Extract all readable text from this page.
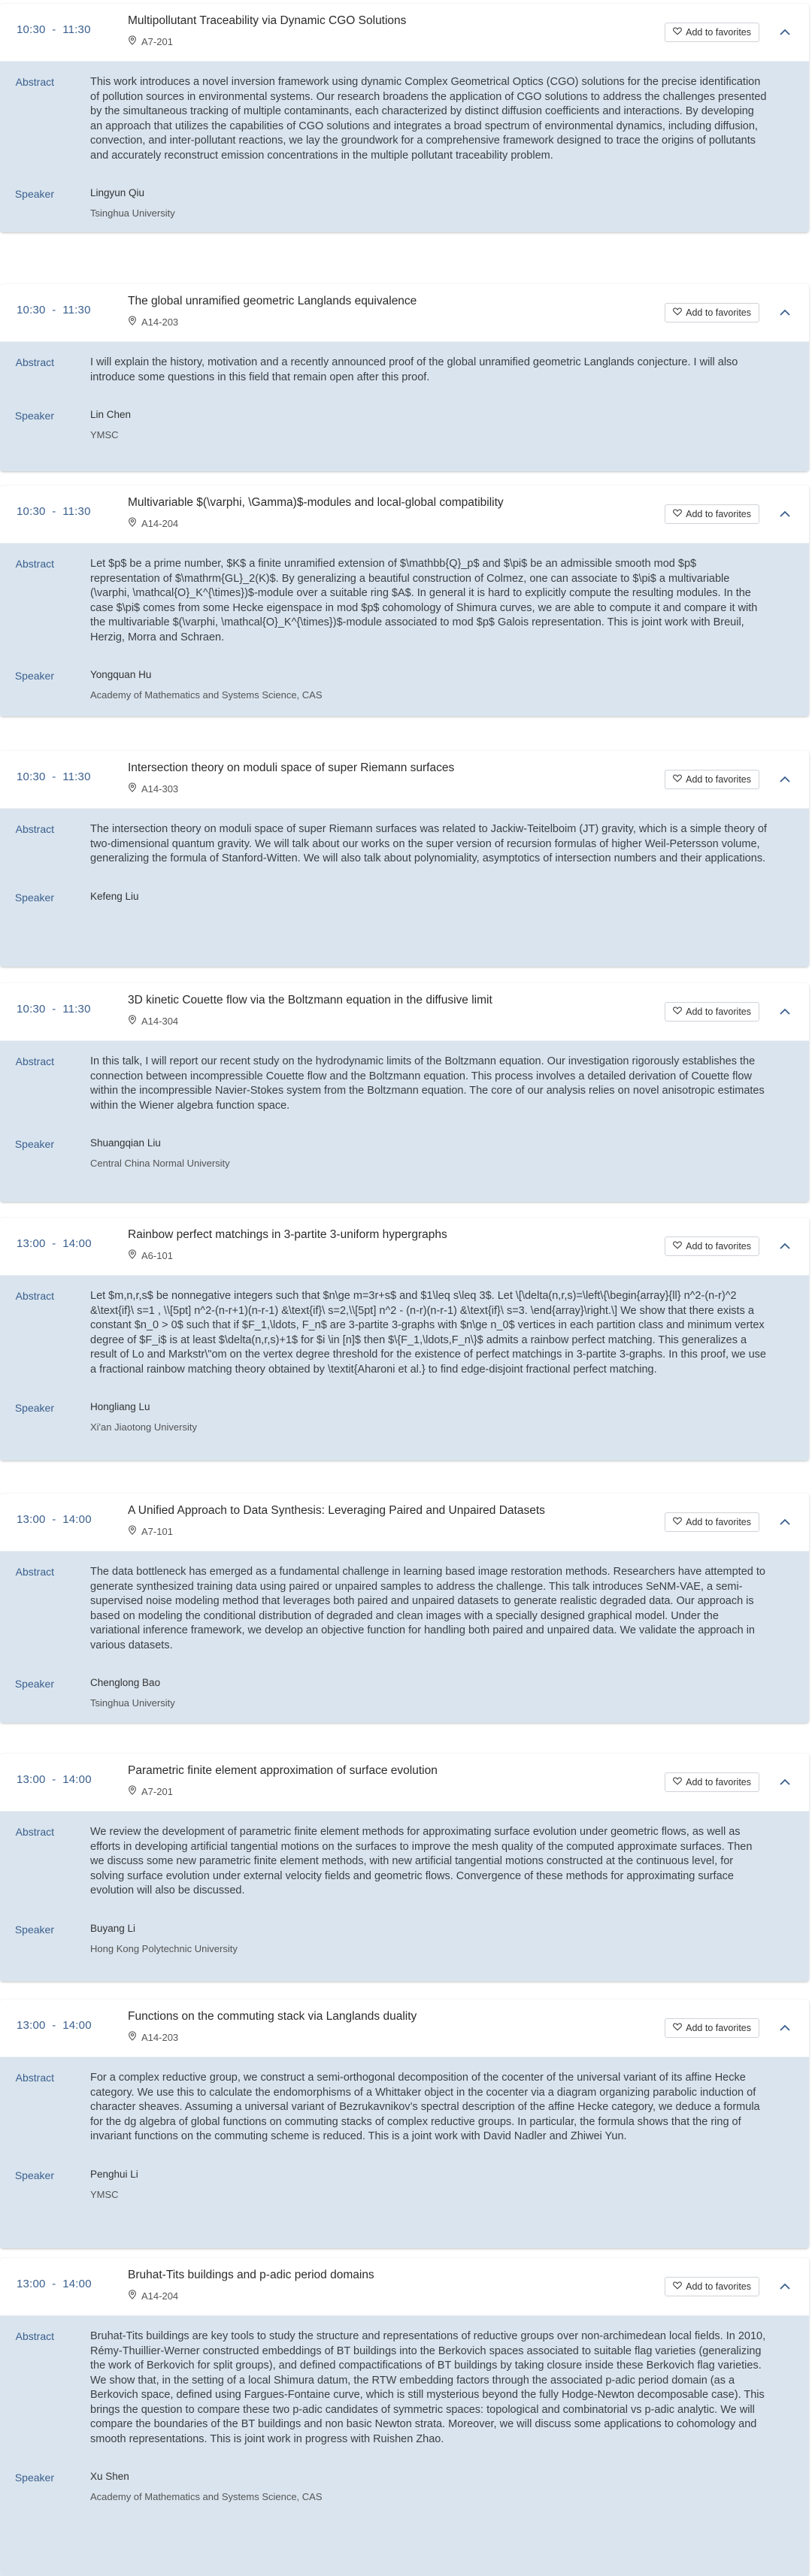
10:30  -  11:30
Multipollutant Traceability via Dynamic CGO Solutions
A7-201
Add to favorites
Abstract	This work introduces a novel inversion framework using dynamic Complex Geometrical Optics (CGO) solutions for the precise identification of pollution sources in environmental systems. Our research broadens the application of CGO solutions to address the challenges presented by the simultaneous tracking of multiple contaminants, each characterized by distinct diffusion coefficients and interactions. By developing an approach that utilizes the capabilities of CGO solutions and integrates a broad spectrum of environmental dynamics, including diffusion, convection, and inter-pollutant reactions, we lay the groundwork for a comprehensive framework designed to trace the origins of pollutants and accurately reconstruct emission concentrations in the multiple pollutant traceability problem.
Speaker	Lingyun Qiu
Tsinghua University
10:30  -  11:30
The global unramified geometric Langlands equivalence
A14-203
Add to favorites
Abstract	I will explain the history, motivation and a recently announced proof of the global unramified geometric Langlands conjecture. I will also introduce some questions in this field that remain open after this proof.
Speaker	Lin Chen
YMSC
10:30  -  11:30
Multivariable $(\varphi, \Gamma)$-modules and local-global compatibility
A14-204
Add to favorites
Abstract	Let $p$ be a prime number, $K$ a finite unramified extension of $\mathbb{Q}_p$ and $\pi$ be an admissible smooth mod $p$ representation of $\mathrm{GL}_2(K)$. By generalizing a beautiful construction of Colmez, one can associate to $\pi$ a multivariable (\varphi, \mathcal{O}_K^{\times})$-module over a suitable ring $A$. In general it is hard to explicitly compute the resulting modules. In the case $\pi$ comes from some Hecke eigenspace in mod $p$ cohomology of Shimura curves, we are able to compute it and compare it with the multivariable $(\varphi, \mathcal{O}_K^{\times})$-module associated to mod $p$ Galois representation. This is joint work with Breuil, Herzig, Morra and Schraen.
Speaker	Yongquan Hu
Academy of Mathematics and Systems Science, CAS
10:30  -  11:30
Intersection theory on moduli space of super Riemann surfaces
A14-303
Add to favorites
Abstract	The intersection theory on moduli space of super Riemann surfaces was related to Jackiw-Teitelboim (JT) gravity, which is a simple theory of two-dimensional quantum gravity. We will talk about our works on the super version of recursion formulas of higher Weil-Petersson volume, generalizing the formula of Stanford-Witten. We will also talk about polynomiality, asymptotics of intersection numbers and their applications.
Speaker	Kefeng Liu
10:30  -  11:30
3D kinetic Couette flow via the Boltzmann equation in the diffusive limit
A14-304
Add to favorites
Abstract	In this talk, I will report our recent study on the hydrodynamic limits of the Boltzmann equation. Our investigation rigorously establishes the connection between incompressible Couette flow and the Boltzmann equation. This process involves a detailed derivation of Couette flow within the incompressible Navier-Stokes system from the Boltzmann equation. The core of our analysis relies on novel anisotropic estimates within the Wiener algebra function space.
Speaker	Shuangqian Liu
Central China Normal University
13:00  -  14:00
Rainbow perfect matchings in 3-partite 3-uniform hypergraphs
A6-101
Add to favorites
Abstract	Let $m,n,r,s$ be nonnegative integers such that $n\ge m=3r+s$ and $1\leq s\leq 3$. Let \[\delta(n,r,s)=\left\{\begin{array}{ll} n^2-(n-r)^2 &\text{if}\ s=1 , \\[5pt] n^2-(n-r+1)(n-r-1) &\text{if}\ s=2,\\[5pt] n^2 - (n-r)(n-r-1) &\text{if}\ s=3. \end{array}\right.\] We show that there exists a constant $n_0 > 0$ such that if $F_1,\ldots, F_n$ are 3-partite 3-graphs with $n\ge n_0$ vertices in each partition class and minimum vertex degree of $F_i$ is at least $\delta(n,r,s)+1$ for $i \in [n]$ then $\{F_1,\ldots,F_n\}$ admits a rainbow perfect matching. This generalizes a result of Lo and Markstr\"om on the vertex degree threshold for the existence of perfect matchings in 3-partite 3-graphs. In this proof, we use a fractional rainbow matching theory obtained by \textit{Aharoni et al.} to find edge-disjoint fractional perfect matching.
Speaker	Hongliang Lu
Xi'an Jiaotong University
13:00  -  14:00
A Unified Approach to Data Synthesis: Leveraging Paired and Unpaired Datasets
A7-101
Add to favorites
Abstract	The data bottleneck has emerged as a fundamental challenge in learning based image restoration methods. Researchers have attempted to generate synthesized training data using paired or unpaired samples to address the challenge. This talk introduces SeNM-VAE, a semi-supervised noise modeling method that leverages both paired and unpaired datasets to generate realistic degraded data. Our approach is based on modeling the conditional distribution of degraded and clean images with a specially designed graphical model. Under the variational inference framework, we develop an objective function for handling both paired and unpaired data. We validate the approach in various datasets.
Speaker	Chenglong Bao
Tsinghua University
13:00  -  14:00
Parametric finite element approximation of surface evolution
A7-201
Add to favorites
Abstract	We review the development of parametric finite element methods for approximating surface evolution under geometric flows, as well as efforts in developing artificial tangential motions on the surfaces to improve the mesh quality of the computed approximate surfaces. Then we discuss some new parametric finite element methods, with new artificial tangential motions constructed at the continuous level, for solving surface evolution under external velocity fields and geometric flows. Convergence of these methods for approximating surface evolution will also be discussed.
Speaker	Buyang Li
Hong Kong Polytechnic University
13:00  -  14:00
Functions on the commuting stack via Langlands duality
A14-203
Add to favorites
Abstract	For a complex reductive group, we construct a semi-orthogonal decomposition of the cocenter of the universal variant of its affine Hecke category. We use this to calculate the endomorphisms of a Whittaker object in the cocenter via a diagram organizing parabolic induction of character sheaves. Assuming a universal variant of Bezrukavnikov’s spectral description of the affine Hecke category, we deduce a formula for the dg algebra of global functions on commuting stacks of complex reductive groups. In particular, the formula shows that the ring of invariant functions on the commuting scheme is reduced. This is a joint work with David Nadler and Zhiwei Yun.
Speaker	Penghui Li
YMSC
13:00  -  14:00
Bruhat-Tits buildings and p-adic period domains
A14-204
Add to favorites
Abstract	Bruhat-Tits buildings are key tools to study the structure and representations of reductive groups over non-archimedean local fields. In 2010, Rémy-Thuillier-Werner constructed embeddings of BT buildings into the Berkovich spaces associated to suitable flag varieties (generalizing the work of Berkovich for split groups), and defined compactifications of BT buildings by taking closure inside these Berkovich flag varieties. We show that, in the setting of a local Shimura datum, the RTW embedding factors through the associated p-adic period domain (as a Berkovich space, defined using Fargues-Fontaine curve, which is still mysterious beyond the fully Hodge-Newton decomposable case). This brings the question to compare these two p-adic candidates of symmetric spaces: topological and combinatorial vs p-adic analytic. We will compare the boundaries of the BT buildings and non basic Newton strata. Moreover, we will discuss some applications to cohomology and smooth representations. This is joint work in progress with Ruishen Zhao.
Speaker	Xu Shen
Academy of Mathematics and Systems Science, CAS
